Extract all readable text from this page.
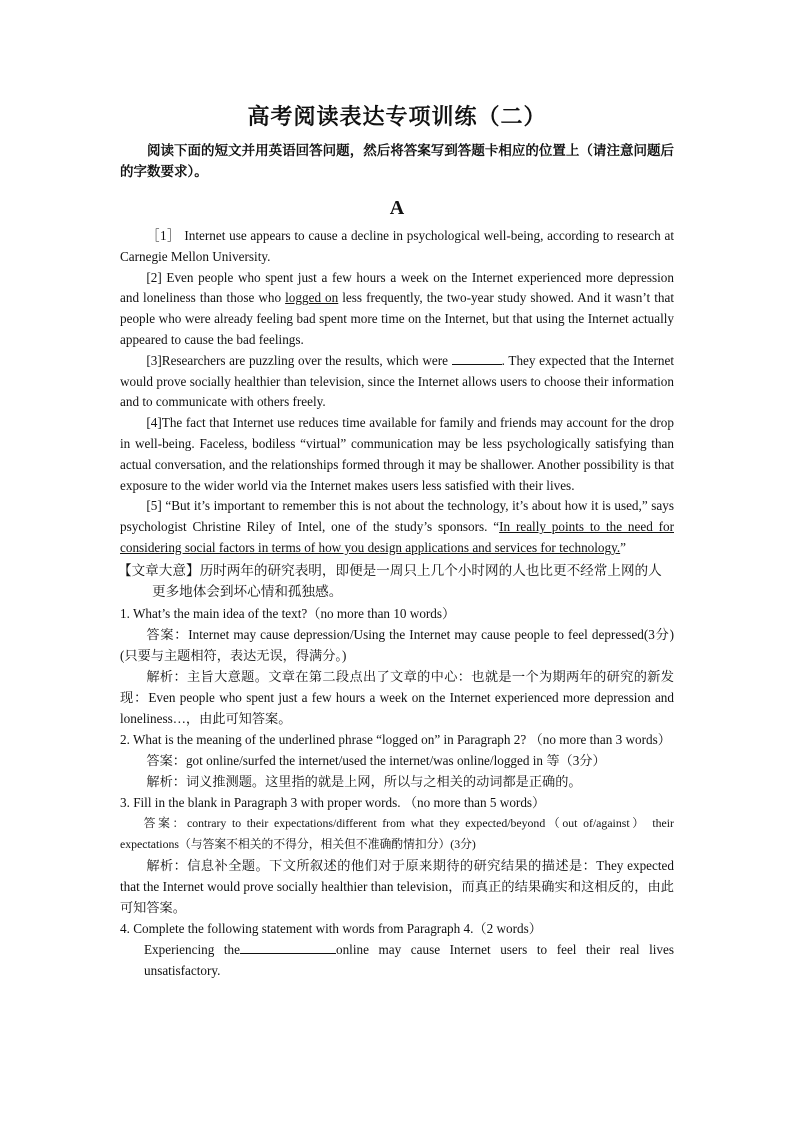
高考阅读表达专项训练（二）

阅读下面的短文并用英语回答问题，然后将答案写到答题卡相应的位置上（请注意问题后的字数要求）。

A

［1］ Internet use appears to cause a decline in psychological well-being, according to research at Carnegie Mellon University.

[2] Even people who spent just a few hours a week on the Internet experienced more depression and loneliness than those who logged on less frequently, the two-year study showed. And it wasn’t that people who were already feeling bad spent more time on the Internet, but that using the Internet actually appeared to cause the bad feelings.

[3]Researchers are puzzling over the results, which were	. They expected that the Internet would prove socially healthier than television, since the Internet allows users to choose their information and to communicate with others freely.

[4]The fact that Internet use reduces time available for family and friends may account for the drop in well-being. Faceless, bodiless “virtual” communication may be less psychologically satisfying than actual conversation, and the relationships formed through it may be shallower. Another possibility is that exposure to the wider world via the Internet makes users less satisfied with their lives.

[5] “But it’s important to remember this is not about the technology, it’s about how it is used,” says psychologist Christine Riley of Intel, one of the study’s sponsors. “In really points to the need for considering social factors in terms of how you design applications and services for technology.”

【文章大意】历时两年的研究表明，即便是一周只上几个小时网的人也比更不经常上网的人
更多地体会到坏心情和孤独感。

1. What’s the main idea of the text?（no more than 10 words）

答案：Internet may cause depression/Using the Internet may cause people to feel depressed(3分)(只要与主题相符，表达无误，得满分。)

解析：主旨大意题。文章在第二段点出了文章的中心：也就是一个为期两年的研究的新发现：Even people who spent just a few hours a week on the Internet experienced more depression and loneliness…，由此可知答案。

2. What is the meaning of the underlined phrase “logged on” in Paragraph 2? （no more than 3 words）

答案：got online/surfed the internet/used the internet/was online/logged in 等（3分）

解析：词义推测题。这里指的就是上网，所以与之相关的动词都是正确的。

3. Fill in the blank in Paragraph 3 with proper words. （no more than 5 words）

答案：contrary to their expectations/different from what they expected/beyond（out of/against） their expectations（与答案不相关的不得分，相关但不准确酌情扣分）(3分)

解析：信息补全题。下文所叙述的他们对于原来期待的研究结果的描述是：They expected that the Internet would prove socially healthier than television，而真正的结果确实和这相反的，由此可知答案。

4. Complete the following statement with words from Paragraph 4.（2 words）

Experiencing the	online may cause Internet users to feel their real lives unsatisfactory.
